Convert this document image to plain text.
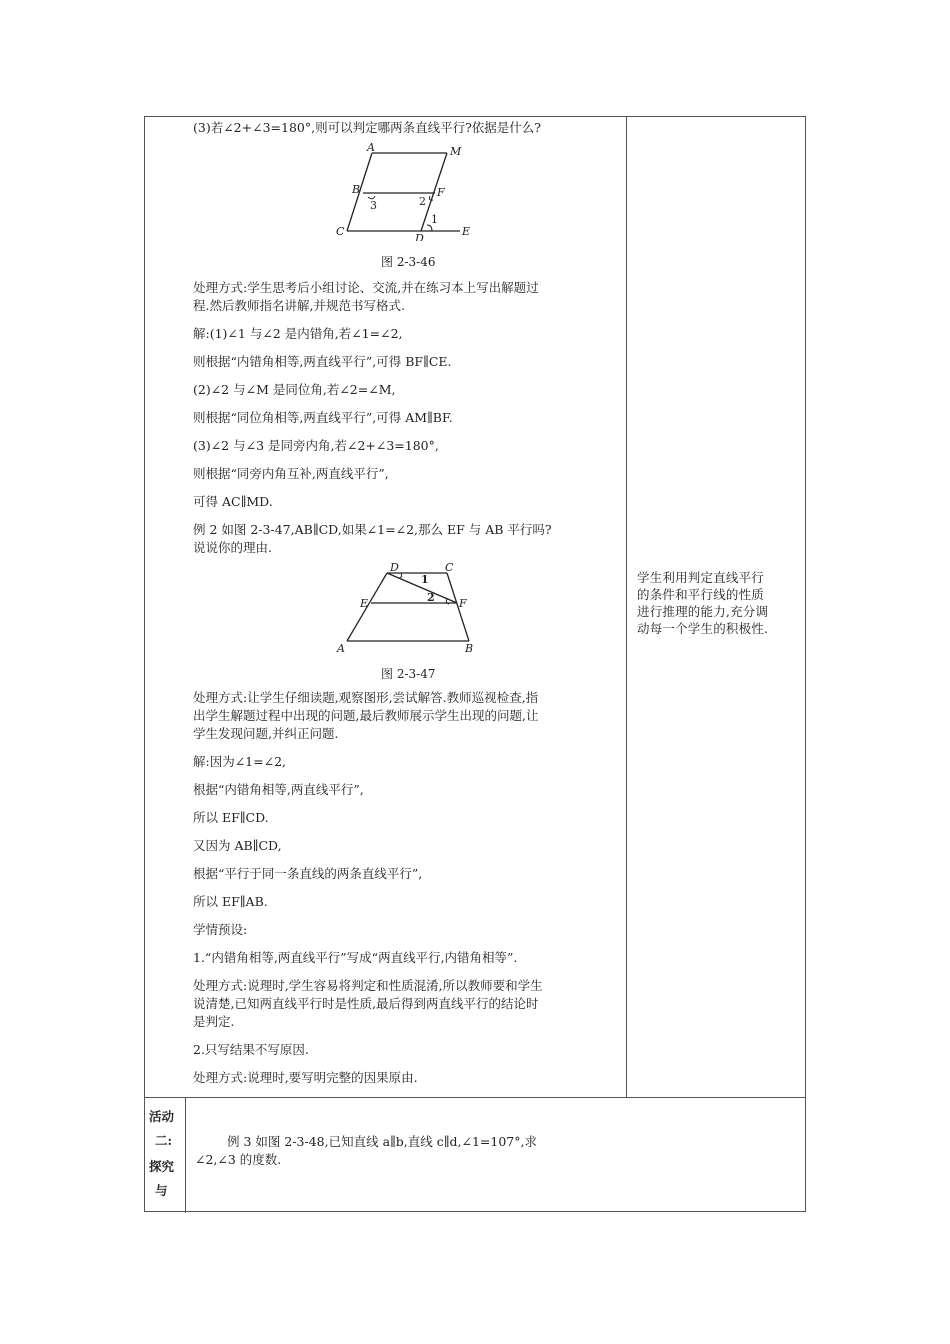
(3)若∠2+∠3=180°,则可以判定哪两条直线平行?依据是什么?
A	M
B	F
C
D
E
3	2
1
图 2-3-46
处理方式:学生思考后小组讨论、交流,并在练习本上写出解题过
程.然后教师指名讲解,并规范书写格式.
解:(1)∠1 与∠2 是内错角,若∠1=∠2,
则根据“内错角相等,两直线平行”,可得 BF∥CE.
(2)∠2 与∠M 是同位角,若∠2=∠M,
则根据“同位角相等,两直线平行”,可得 AM∥BF.
(3)∠2 与∠3 是同旁内角,若∠2+∠3=180°,
则根据“同旁内角互补,两直线平行”,
可得 AC∥MD.
例 2 如图 2-3-47,AB∥CD,如果∠1=∠2,那么 EF 与 AB 平行吗?
说说你的理由.
D	C
E	F
A	B
1
2
图 2-3-47
处理方式:让学生仔细读题,观察图形,尝试解答.教师巡视检查,指
出学生解题过程中出现的问题,最后教师展示学生出现的问题,让
学生发现问题,并纠正问题.
解:因为∠1=∠2,
根据“内错角相等,两直线平行”,
所以 EF∥CD.
又因为 AB∥CD,
根据“平行于同一条直线的两条直线平行”,
所以 EF∥AB.
学情预设:
1.“内错角相等,两直线平行”写成“两直线平行,内错角相等”.
处理方式:说理时,学生容易将判定和性质混淆,所以教师要和学生
说清楚,已知两直线平行时是性质,最后得到两直线平行的结论时
是判定.
2.只写结果不写原因.
处理方式:说理时,要写明完整的因果原由.
学生利用判定直线平行
的条件和平行线的性质
进行推理的能力,充分调
动每一个学生的积极性.
活动
二:
探究
与
例 3 如图 2-3-48,已知直线 a∥b,直线 c∥d,∠1=107°,求
∠2,∠3 的度数.
